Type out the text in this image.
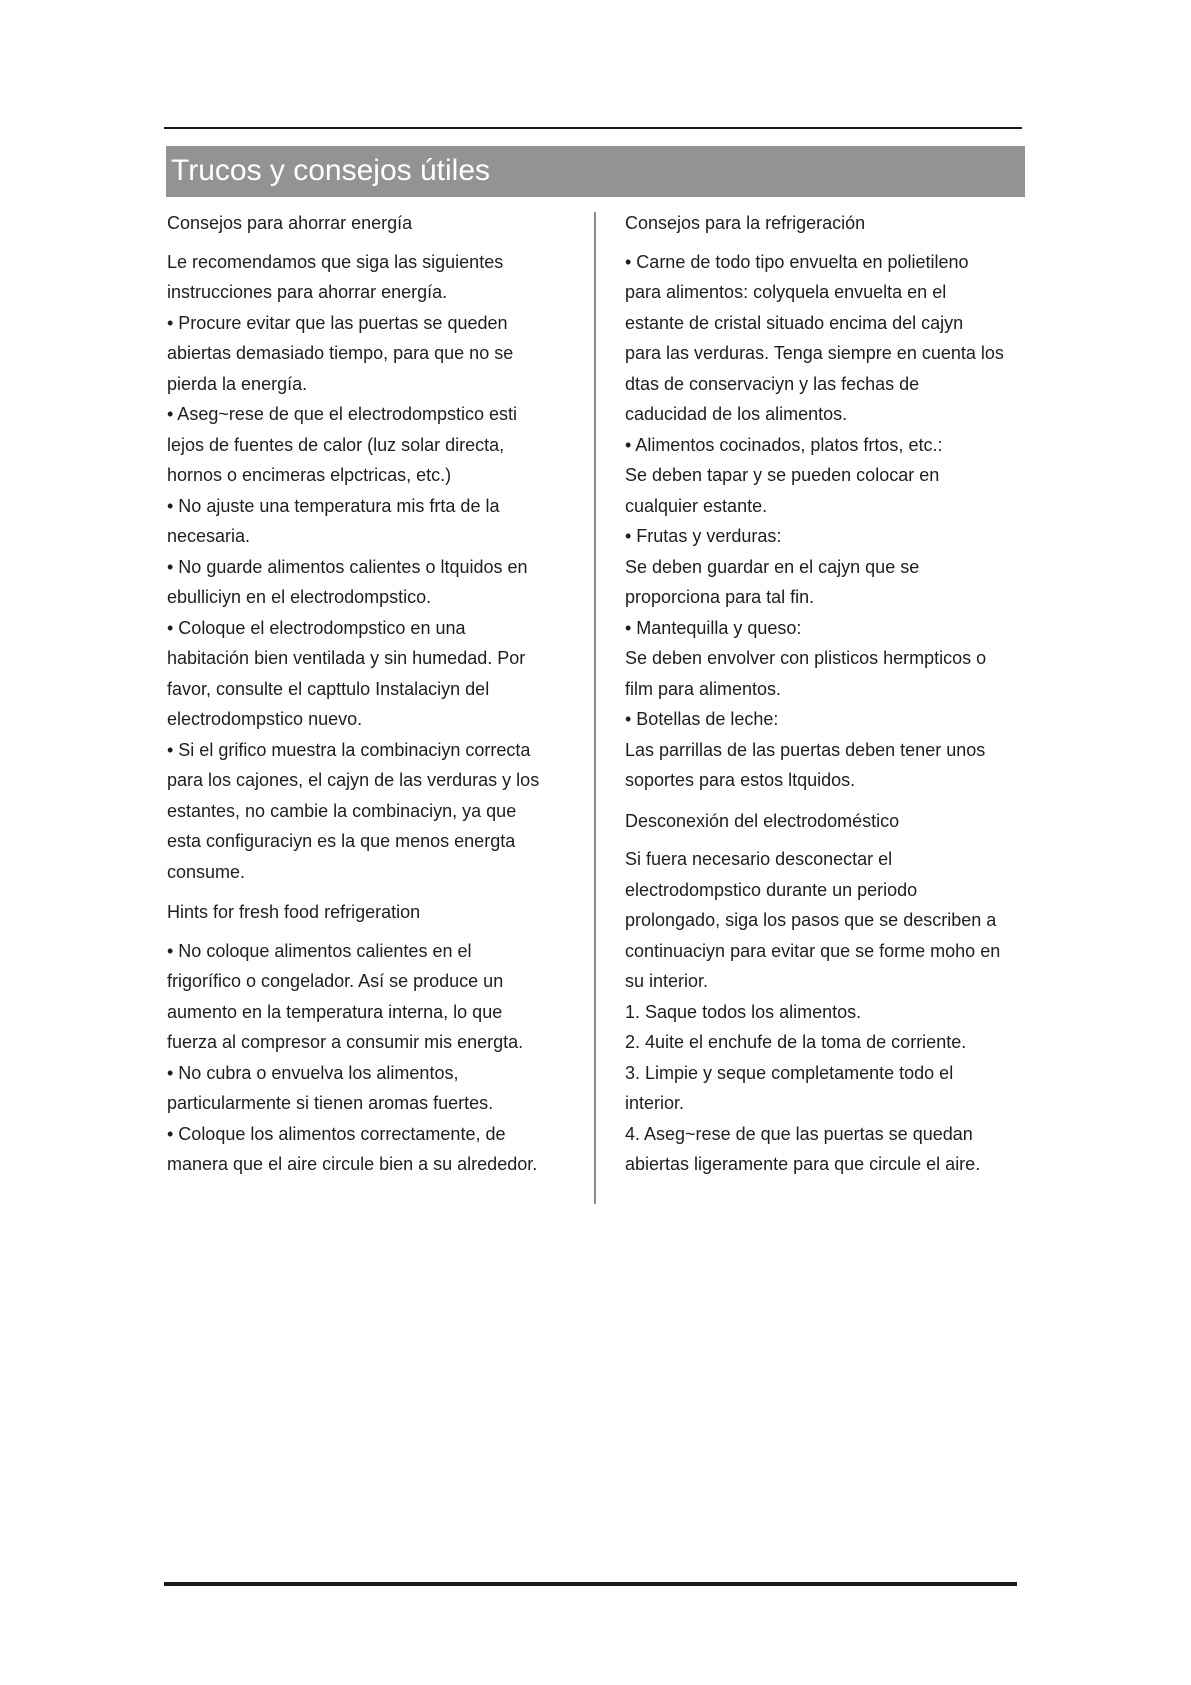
Trucos y consejos útiles

Consejos para ahorrar energía

Le recomendamos que siga las siguientes

instrucciones para ahorrar energía.

• Procure evitar que las puertas se queden

abiertas demasiado tiempo, para que no se

pierda la energía.

• Aseg~rese de que el electrodompstico esti

lejos de fuentes de calor (luz solar directa,

hornos o encimeras elpctricas, etc.)

• No ajuste una temperatura mis frta de la

necesaria.

• No guarde alimentos calientes o ltquidos en

ebulliciyn en el electrodompstico.

• Coloque el electrodompstico en una

habitación bien ventilada y sin humedad. Por

favor, consulte el capttulo Instalaciyn del

electrodompstico nuevo.

• Si el grifico muestra la combinaciyn correcta

para los cajones, el cajyn de las verduras y los

estantes, no cambie la combinaciyn, ya que

esta configuraciyn es la que menos energta

consume.

Hints for fresh food refrigeration

• No coloque alimentos calientes en el

frigorífico o congelador. Así se produce un

aumento en la temperatura interna, lo que

fuerza al compresor a consumir mis energta.

• No cubra o envuelva los alimentos,

particularmente si tienen aromas fuertes.

• Coloque los alimentos correctamente, de

manera que el aire circule bien a su alrededor.

Consejos para la refrigeración

• Carne de todo tipo envuelta en polietileno

para alimentos: colyquela envuelta en el

estante de cristal situado encima del cajyn

para las verduras. Tenga siempre en cuenta los

dtas de conservaciyn y las fechas de

caducidad de los alimentos.

• Alimentos cocinados, platos frtos, etc.:

Se deben tapar y se pueden colocar en

cualquier estante.

• Frutas y verduras:

Se deben guardar en el cajyn que se

proporciona para tal fin.

• Mantequilla y queso:

Se deben envolver con plisticos hermpticos o

film para alimentos.

• Botellas de leche:

Las parrillas de las puertas deben tener unos

soportes para estos ltquidos.

Desconexión del electrodoméstico

Si fuera necesario desconectar el

electrodompstico durante un periodo

prolongado, siga los pasos que se describen a

continuaciyn para evitar que se forme moho en

su interior.

1. Saque todos los alimentos.

2. 4uite el enchufe de la toma de corriente.

3. Limpie y seque completamente todo el

interior.

4. Aseg~rese de que las puertas se quedan

abiertas ligeramente para que circule el aire.
